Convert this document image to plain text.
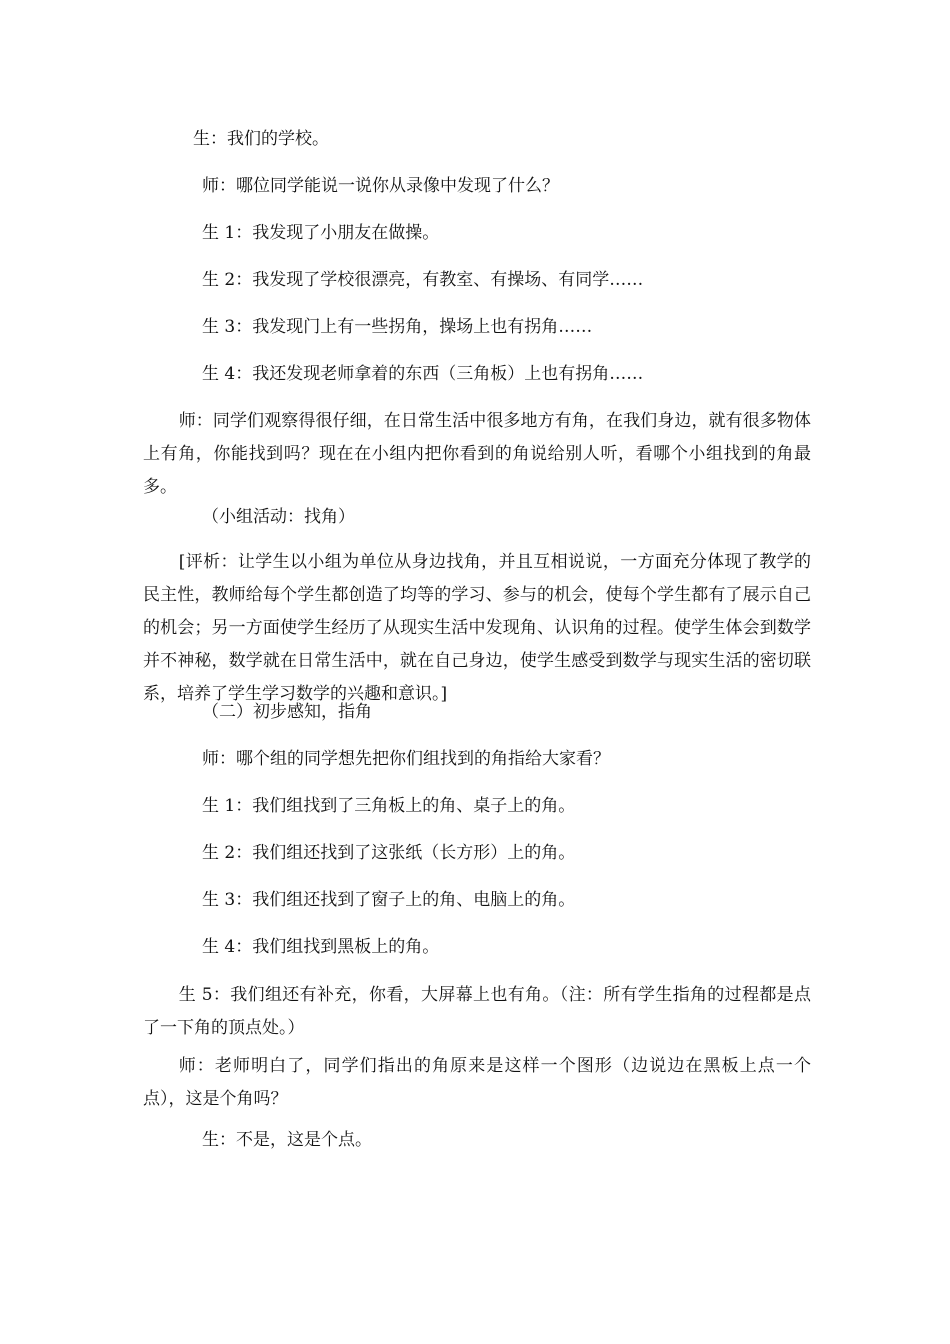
生：我们的学校。
师：哪位同学能说一说你从录像中发现了什么？
生 1：我发现了小朋友在做操。
生 2：我发现了学校很漂亮，有教室、有操场、有同学……
生 3：我发现门上有一些拐角，操场上也有拐角……
生 4：我还发现老师拿着的东西（三角板）上也有拐角……
师：同学们观察得很仔细，在日常生活中很多地方有角，在我们身边，就有很多物体上有角，你能找到吗？现在在小组内把你看到的角说给别人听，看哪个小组找到的角最多。
（小组活动：找角）
[评析：让学生以小组为单位从身边找角，并且互相说说，一方面充分体现了教学的民主性，教师给每个学生都创造了均等的学习、参与的机会，使每个学生都有了展示自己的机会；另一方面使学生经历了从现实生活中发现角、认识角的过程。使学生体会到数学并不神秘，数学就在日常生活中，就在自己身边，使学生感受到数学与现实生活的密切联系，培养了学生学习数学的兴趣和意识。]
（二）初步感知，指角
师：哪个组的同学想先把你们组找到的角指给大家看？
生 1：我们组找到了三角板上的角、桌子上的角。
生 2：我们组还找到了这张纸（长方形）上的角。
生 3：我们组还找到了窗子上的角、电脑上的角。
生 4：我们组找到黑板上的角。
生 5：我们组还有补充，你看，大屏幕上也有角。（注：所有学生指角的过程都是点了一下角的顶点处。）
师：老师明白了，同学们指出的角原来是这样一个图形（边说边在黑板上点一个点），这是个角吗？
生：不是，这是个点。
